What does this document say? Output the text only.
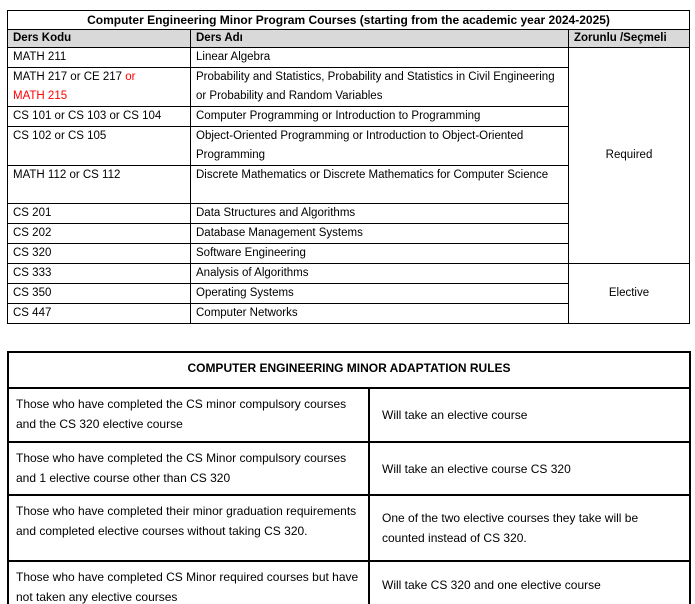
Computer Engineering Minor Program Courses (starting from the academic year 2024-2025)		
Ders Kodu	Ders Adı	Zorunlu /Seçmeli
MATH 211	Linear Algebra	Required
MATH 217 or CE 217 or
MATH 215	Probability and Statistics, Probability and Statistics in Civil Engineering or Probability and Random Variables	
CS 101 or CS 103 or CS 104	Computer Programming or Introduction to Programming	
CS 102 or CS 105	Object-Oriented Programming or Introduction to Object-Oriented Programming	
MATH 112 or CS 112	Discrete Mathematics or Discrete Mathematics for Computer Science	
CS 201	Data Structures and Algorithms	
CS 202	Database Management Systems	
CS 320	Software Engineering	
CS 333	Analysis of Algorithms	Elective
CS 350	Operating Systems	
CS 447	Computer Networks	
COMPUTER ENGINEERING MINOR ADAPTATION RULES	
Those who have completed the CS minor compulsory courses and the CS 320 elective course	Will take an elective course
Those who have completed the CS Minor compulsory courses and 1 elective course other than CS 320	Will take an elective course CS 320
Those who have completed their minor graduation requirements and completed elective courses without taking CS 320.	One of the two elective courses they take will be counted instead of CS 320.
Those who have completed CS Minor required courses but have not taken any elective courses	Will take CS 320 and one elective course
